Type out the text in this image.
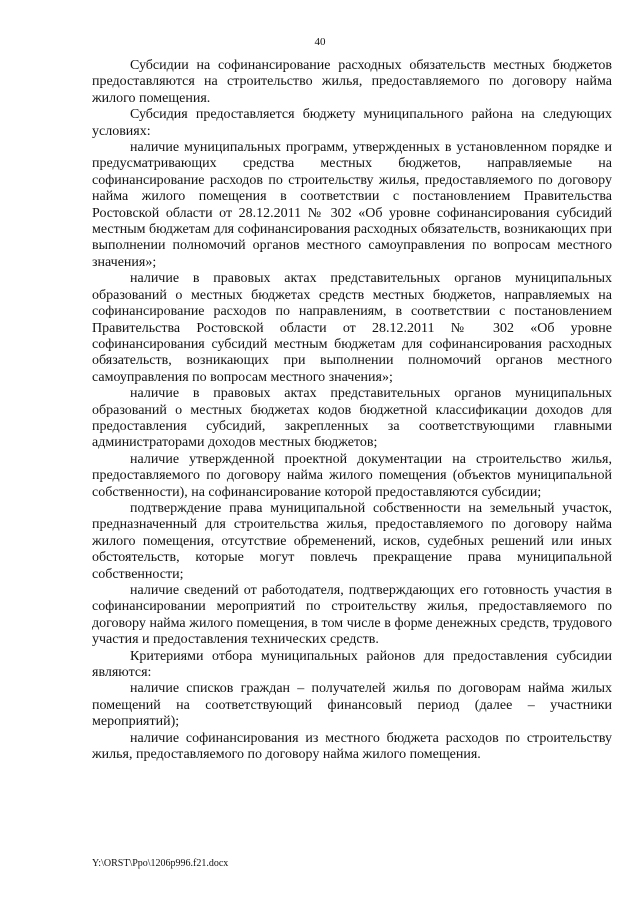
40

Субсидии на софинансирование расходных обязательств местных бюджетов предоставляются на строительство жилья, предоставляемого по договору найма жилого помещения.

Субсидия предоставляется бюджету муниципального района на следующих условиях:

наличие муниципальных программ, утвержденных в установленном порядке и предусматривающих средства местных бюджетов, направляемые на софинансирование расходов по строительству жилья, предоставляемого по договору найма жилого помещения в соответствии с постановлением Правительства Ростовской области от 28.12.2011 № 302 «Об уровне софинансирования субсидий местным бюджетам для софинансирования расходных обязательств, возникающих при выполнении полномочий органов местного самоуправления по вопросам местного значения»;

наличие в правовых актах представительных органов муниципальных образований о местных бюджетах средств местных бюджетов, направляемых на софинансирование расходов по направлениям, в соответствии с постановлением Правительства Ростовской области от 28.12.2011 № 302 «Об уровне софинансирования субсидий местным бюджетам для софинансирования расходных обязательств, возникающих при выполнении полномочий органов местного самоуправления по вопросам местного значения»;

наличие в правовых актах представительных органов муниципальных образований о местных бюджетах кодов бюджетной классификации доходов для предоставления субсидий, закрепленных за соответствующими главными администраторами доходов местных бюджетов;

наличие утвержденной проектной документации на строительство жилья, предоставляемого по договору найма жилого помещения (объектов муниципальной собственности), на софинансирование которой предоставляются субсидии;

подтверждение права муниципальной собственности на земельный участок, предназначенный для строительства жилья, предоставляемого по договору найма жилого помещения, отсутствие обременений, исков, судебных решений или иных обстоятельств, которые могут повлечь прекращение права муниципальной собственности;

наличие сведений от работодателя, подтверждающих его готовность участия в софинансировании мероприятий по строительству жилья, предоставляемого по договору найма жилого помещения, в том числе в форме денежных средств, трудового участия и предоставления технических средств.

Критериями отбора муниципальных районов для предоставления субсидии являются:

наличие списков граждан – получателей жилья по договорам найма жилых помещений на соответствующий финансовый период (далее – участники мероприятий);

наличие софинансирования из местного бюджета расходов по строительству жилья, предоставляемого по договору найма жилого помещения.

Y:\ORST\Ppo\1206p996.f21.docx
